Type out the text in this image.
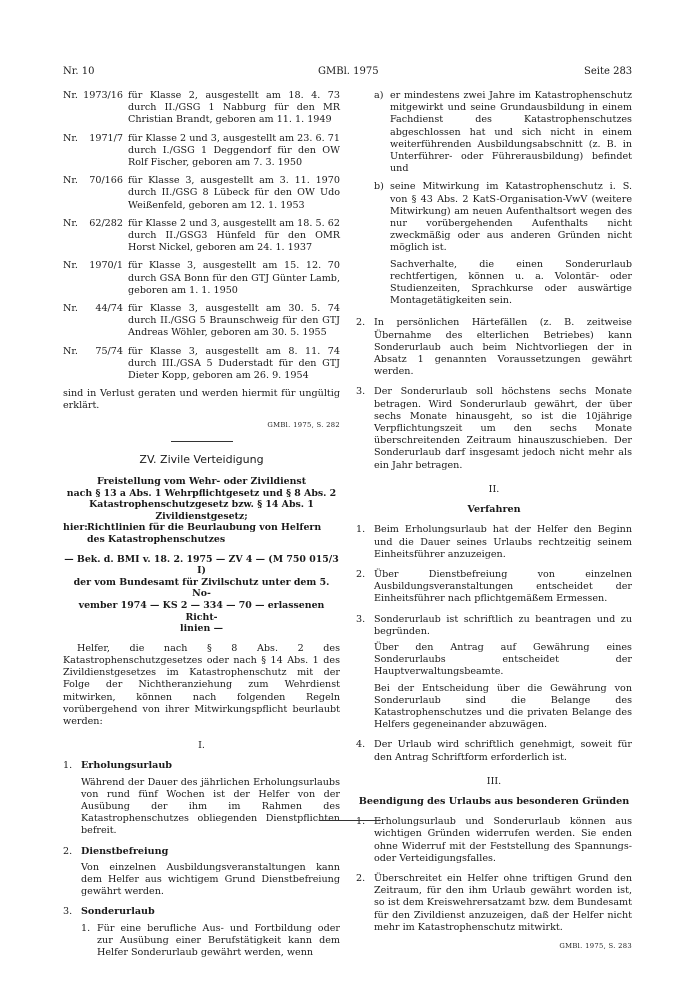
Nr. 10	GMBl. 1975	Seite 283
Nr. 1973/16 für Klasse 2, ausgestellt am 18. 4. 73 durch II./GSG 1 Nabburg für den MR Christian Brandt, geboren am 11. 1. 1949
Nr.	1971/7 für Klasse 2 und 3, ausgestellt am 23. 6. 71 durch I./GSG 1 Deggendorf für den OW Rolf Fischer, geboren am 7. 3. 1950
Nr.	70/166 für Klasse 3, ausgestellt am 3. 11. 1970 durch II./GSG 8 Lübeck für den OW Udo Weißenfeld, geboren am 12. 1. 1953
Nr.	62/282 für Klasse 2 und 3, ausgestellt am 18. 5. 62 durch II./GSG3 Hünfeld für den OMR Horst Nickel, geboren am 24. 1. 1937
Nr.	1970/1 für Klasse 3, ausgestellt am 15. 12. 70 durch GSA Bonn für den GTJ Günter Lamb, geboren am 1. 1. 1950
Nr.	44/74 für Klasse 3, ausgestellt am 30. 5. 74 durch II./GSG 5 Braunschweig für den GTJ Andreas Wöhler, geboren am 30. 5. 1955
Nr.	75/74 für Klasse 3, ausgestellt am 8. 11. 74 durch III./GSA 5 Duderstadt für den GTJ Dieter Kopp, geboren am 26. 9. 1954

sind in Verlust geraten und werden hiermit für ungültig erklärt.

GMBl. 1975, S. 282

ZV. Zivile Verteidigung

Freistellung vom Wehr- oder Zivildienst

nach § 13 a Abs. 1 Wehrpflichtgesetz und § 8 Abs. 2

Katastrophenschutzgesetz bzw. § 14 Abs. 1

Zivildienstgesetz;

hier: Richtlinien für die Beurlaubung von Helfern des Katastrophenschutzes

— Bek. d. BMI v. 18. 2. 1975 — ZV 4 — (M 750 015/3 I)

der vom Bundesamt für Zivilschutz unter dem 5. No-

vember 1974 — KS 2 — 334 — 70 — erlassenen Richt-

linien —

Helfer, die nach § 8 Abs. 2 des Katastrophenschutzgesetzes oder nach § 14 Abs. 1 des Zivildienstgesetzes im Katastrophenschutz mit der Folge der Nichtheranziehung zum Wehrdienst mitwirken, können nach folgenden Regeln vorübergehend von ihrer Mitwirkungspflicht beurlaubt werden:

I.

1. Erholungsurlaub

Während der Dauer des jährlichen Erholungsurlaubs von rund fünf Wochen ist der Helfer von der Ausübung der ihm im Rahmen des Katastrophenschutzes obliegenden Dienstpflichten befreit.

2. Dienstbefreiung

Von einzelnen Ausbildungsveranstaltungen kann dem Helfer aus wichtigem Grund Dienstbefreiung gewährt werden.

3. Sonderurlaub

1. Für eine berufliche Aus- und Fortbildung oder zur Ausübung einer Berufstätigkeit kann dem Helfer Sonderurlaub gewährt werden, wenn
a) er mindestens zwei Jahre im Katastrophenschutz mitgewirkt und seine Grundausbildung in einem Fachdienst des Katastrophenschutzes abgeschlossen hat und sich nicht in einem weiterführenden Ausbildungsabschnitt (z. B. in Unterführer- oder Führerausbildung) befindet und
b) seine Mitwirkung im Katastrophenschutz i. S. von § 43 Abs. 2 KatS-Organisation-VwV (weitere Mitwirkung) am neuen Aufenthaltsort wegen des nur vorübergehenden Aufenthalts nicht zweckmäßig oder aus anderen Gründen nicht möglich ist.

Sachverhalte, die einen Sonderurlaub rechtfertigen, können u. a. Volontär- oder Studienzeiten, Sprachkurse oder auswärtige Montagetätigkeiten sein.

2. In persönlichen Härtefällen (z. B. zeitweise Übernahme des elterlichen Betriebes) kann Sonderurlaub auch beim Nichtvorliegen der in Absatz 1 genannten Voraussetzungen gewährt werden.
3. Der Sonderurlaub soll höchstens sechs Monate betragen. Wird Sonderurlaub gewährt, der über sechs Monate hinausgeht, so ist die 10jährige Verpflichtungszeit um den sechs Monate überschreitenden Zeitraum hinauszuschieben. Der Sonderurlaub darf insgesamt jedoch nicht mehr als ein Jahr betragen.

II.

Verfahren

1. Beim Erholungsurlaub hat der Helfer den Beginn und die Dauer seines Urlaubs rechtzeitig seinem Einheitsführer anzuzeigen.
2. Über Dienstbefreiung von einzelnen Ausbildungsveranstaltungen entscheidet der Einheitsführer nach pflichtgemäßem Ermessen.
3. Sonderurlaub ist schriftlich zu beantragen und zu begründen.

Über den Antrag auf Gewährung eines Sonderurlaubs entscheidet der Hauptverwaltungsbeamte.

Bei der Entscheidung über die Gewährung von Sonderurlaub sind die Belange des Katastrophenschutzes und die privaten Belange des Helfers gegeneinander abzuwägen.

4. Der Urlaub wird schriftlich genehmigt, soweit für den Antrag Schriftform erforderlich ist.

III.

Beendigung des Urlaubs aus besonderen Gründen

1. Erholungsurlaub und Sonderurlaub können aus wichtigen Gründen widerrufen werden. Sie enden ohne Widerruf mit der Feststellung des Spannungs- oder Verteidigungsfalles.
2. Überschreitet ein Helfer ohne triftigen Grund den Zeitraum, für den ihm Urlaub gewährt worden ist, so ist dem Kreiswehrersatzamt bzw. dem Bundesamt für den Zivildienst anzuzeigen, daß der Helfer nicht mehr im Katastrophenschutz mitwirkt.

GMBl. 1975, S. 283
